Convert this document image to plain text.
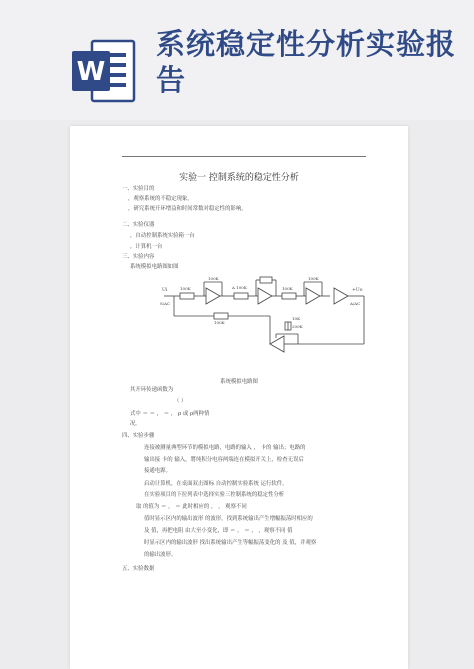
W
系统稳定性分析实验报告
实验一 控制系统的稳定性分析
一、实验目的
，观察系统的不稳定现象。
，研究系统开环增益和时间常数对稳定性的影响。
二、实验仪器
，自动控制系统实验箱一台
，计算机一台
三、实验内容
系统模拟电路图如图
Ui
S/AC
100K	A 100K	100K
100K	100K
100K
200K
10K
+Uo
A/AC
系统模拟电路图
其开环传递函数为
（ ）
式中 ＝ ＝ ， ＝ ， ρ 或 ρ两种情
况。
四、实验步骤
连接被测量典型环节的模拟电路，电路的输入 ， 卡的 输出；电路的
输出接 卡的 输入。將纯积分电容两端连在模拟开关上，检查无误后
接通电源。
启动计算机，在桌面双击图标 自动控制实验系统 运行软件。
在实验项目的下拉列表中选择实验三控制系统的稳定性分析
取 的值为 ＝ ， ＝ 此时相应的 ， ， 观察不同
值时显示区内的输出波形 的波形，找到系统输出产生增幅振荡时相应的
及 值，再把电阻 由大至小变化，即 ＝ ， ＝ ， ，观察不同 值
时显示区内的输出波形 找出系统输出产生等幅振荡变化的 及 值，并观察
的输出波形。
五、实验数据
